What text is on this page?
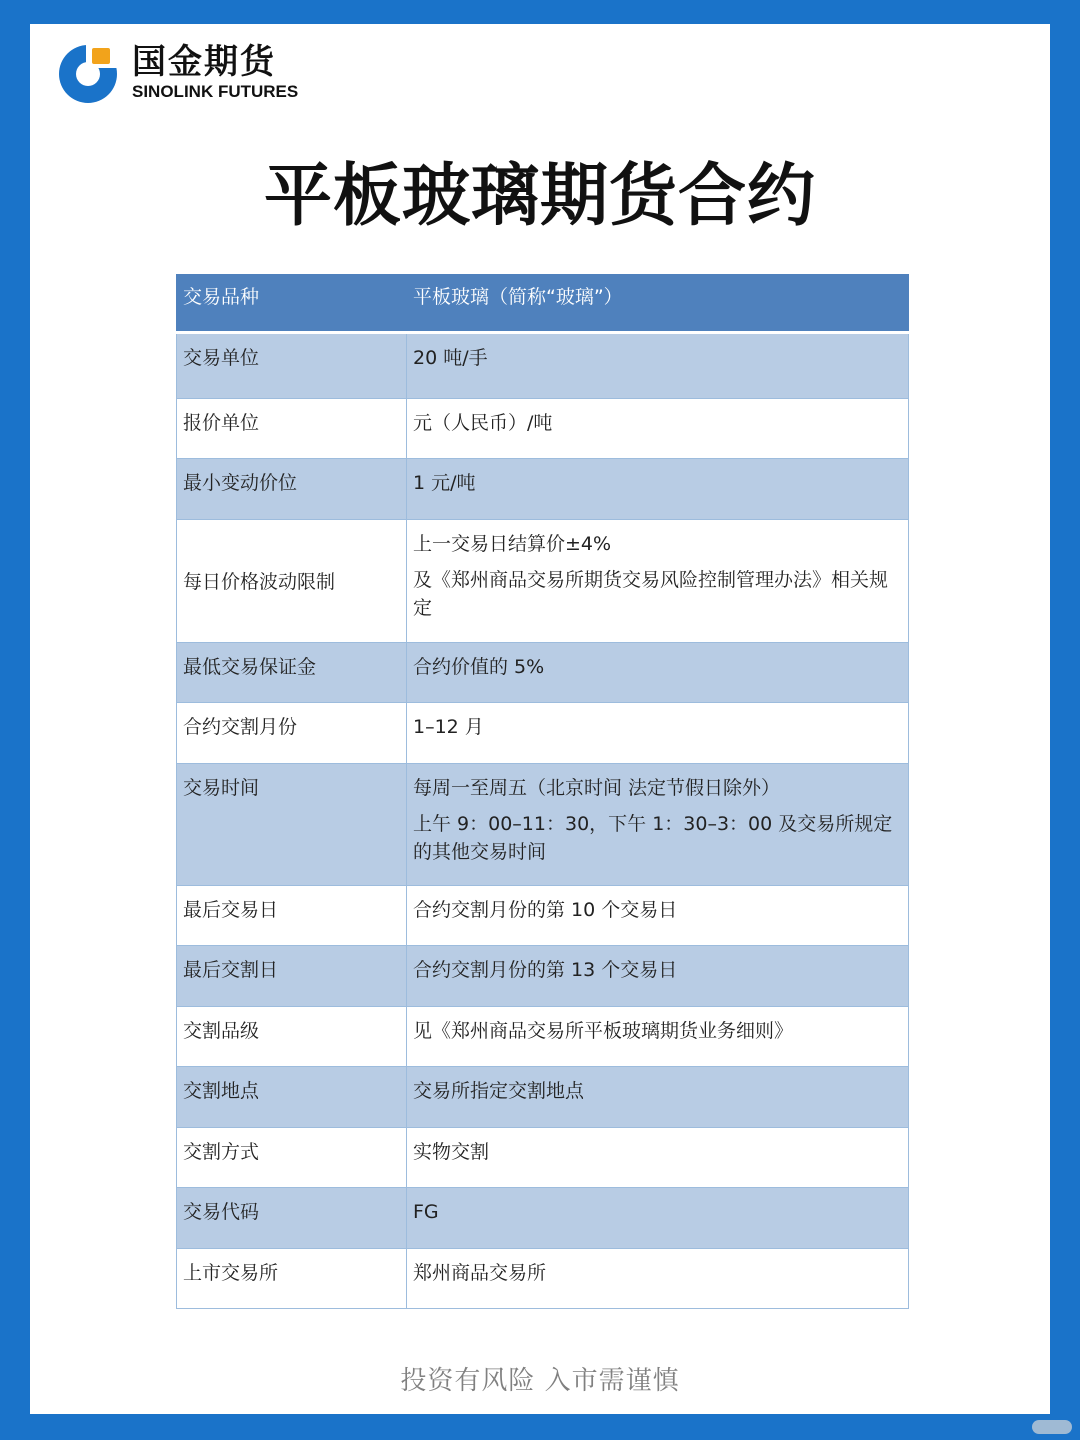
国金期货
SINOLINK FUTURES
平板玻璃期货合约
交易品种	平板玻璃（简称“玻璃”）
交易单位	20 吨/手
报价单位	元（人民币）/吨
最小变动价位	1 元/吨
每日价格波动限制	上一交易日结算价±4%
及《郑州商品交易所期货交易风险控制管理办法》相关规定

最低交易保证金	合约价值的 5%
合约交割月份	1–12 月
交易时间	每周一至周五（北京时间 法定节假日除外）
上午 9：00–11：30，下午 1：30–3：00 及交易所规定的其他交易时间

最后交易日	合约交割月份的第 10 个交易日
最后交割日	合约交割月份的第 13 个交易日
交割品级	见《郑州商品交易所平板玻璃期货业务细则》
交割地点	交易所指定交割地点
交割方式	实物交割
交易代码	FG
上市交易所	郑州商品交易所
投资有风险 入市需谨慎
